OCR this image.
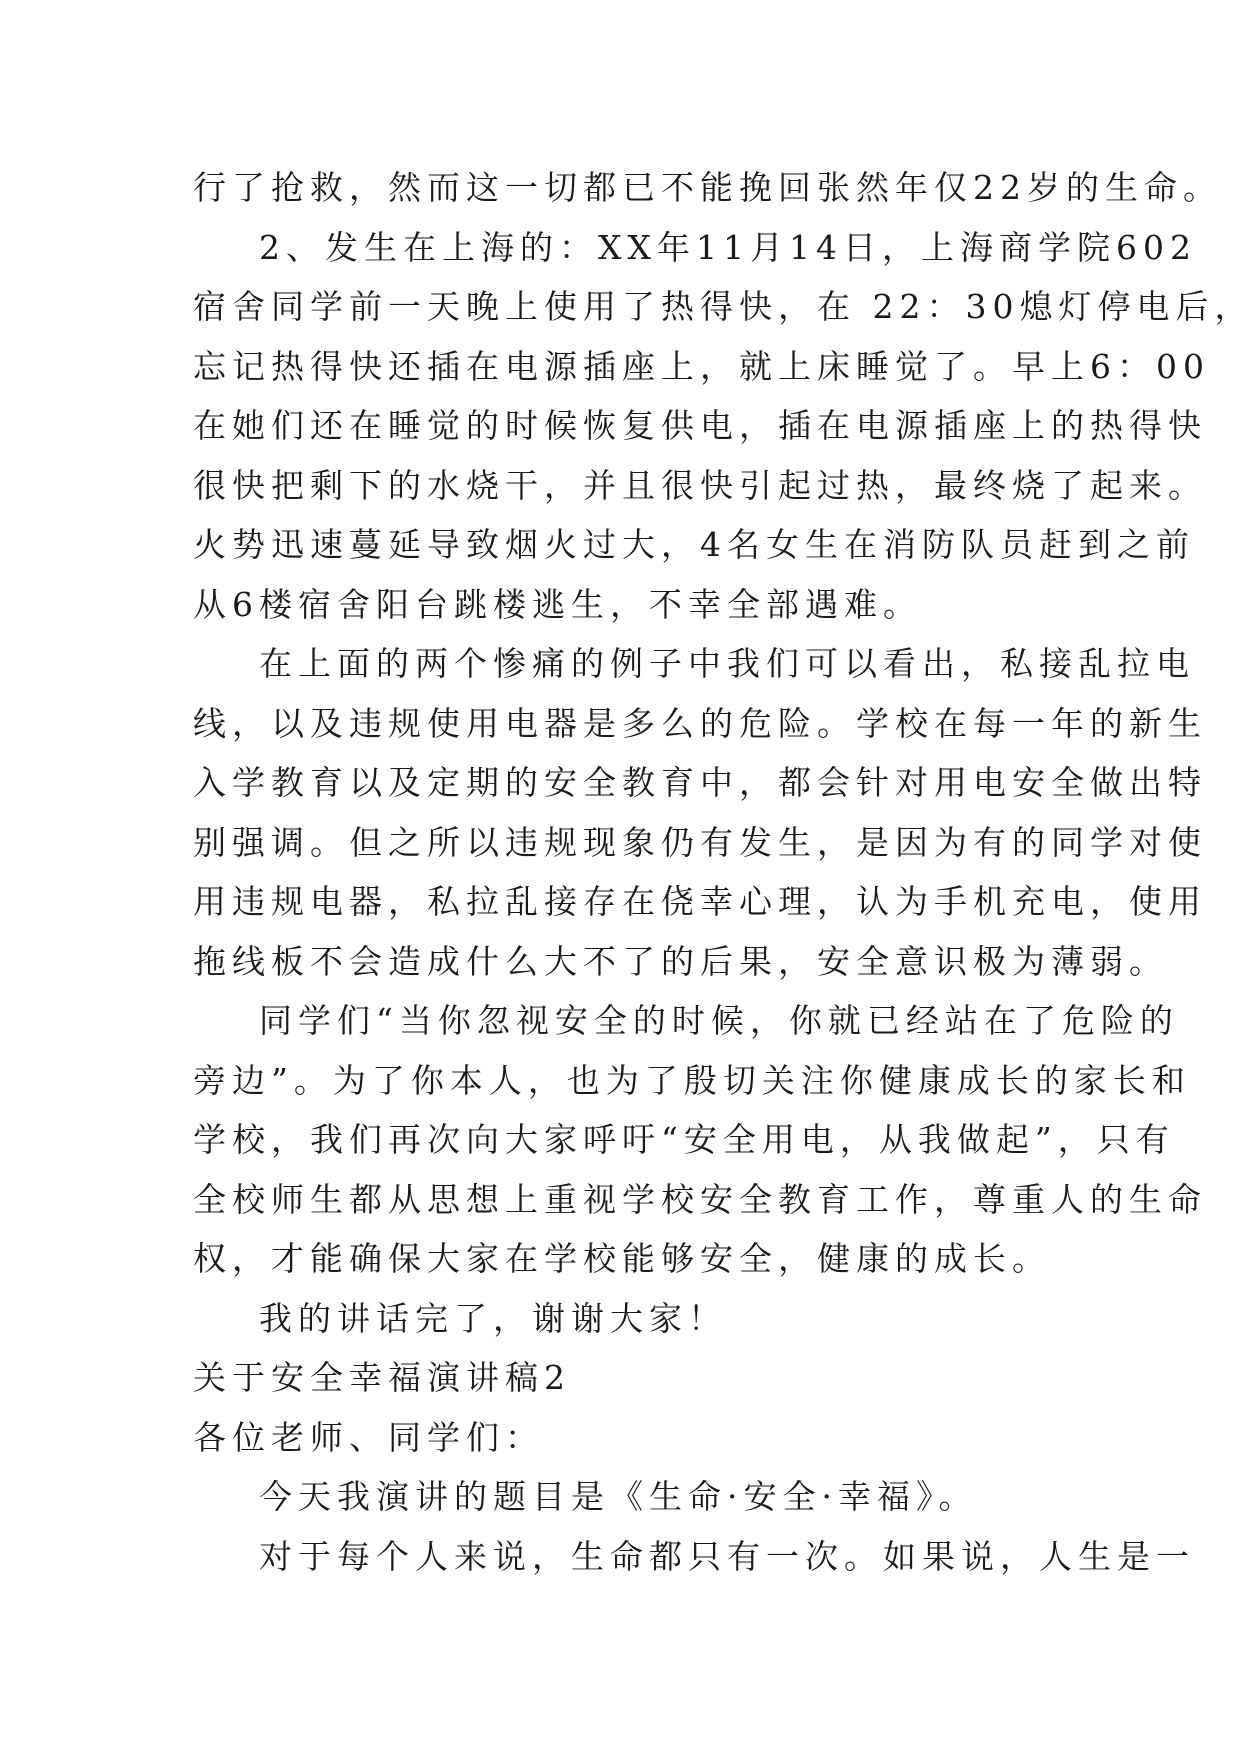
行了抢救，然而这一切都已不能挽回张然年仅22岁的生命。
2、发生在上海的：XX年11月14日，上海商学院602
宿舍同学前一天晚上使用了热得快，在 22：30熄灯停电后，
忘记热得快还插在电源插座上，就上床睡觉了。早上6：00
在她们还在睡觉的时候恢复供电，插在电源插座上的热得快
很快把剩下的水烧干，并且很快引起过热，最终烧了起来。
火势迅速蔓延导致烟火过大，4名女生在消防队员赶到之前
从6楼宿舍阳台跳楼逃生，不幸全部遇难。
在上面的两个惨痛的例子中我们可以看出，私接乱拉电
线，以及违规使用电器是多么的危险。学校在每一年的新生
入学教育以及定期的安全教育中，都会针对用电安全做出特
别强调。但之所以违规现象仍有发生，是因为有的同学对使
用违规电器，私拉乱接存在侥幸心理，认为手机充电，使用
拖线板不会造成什么大不了的后果，安全意识极为薄弱。
同学们“当你忽视安全的时候，你就已经站在了危险的
旁边”。为了你本人，也为了殷切关注你健康成长的家长和
学校，我们再次向大家呼吁“安全用电，从我做起”，只有
全校师生都从思想上重视学校安全教育工作，尊重人的生命
权，才能确保大家在学校能够安全，健康的成长。
我的讲话完了，谢谢大家！
关于安全幸福演讲稿2
各位老师、同学们：
今天我演讲的题目是《生命·安全·幸福》。
对于每个人来说，生命都只有一次。如果说，人生是一
